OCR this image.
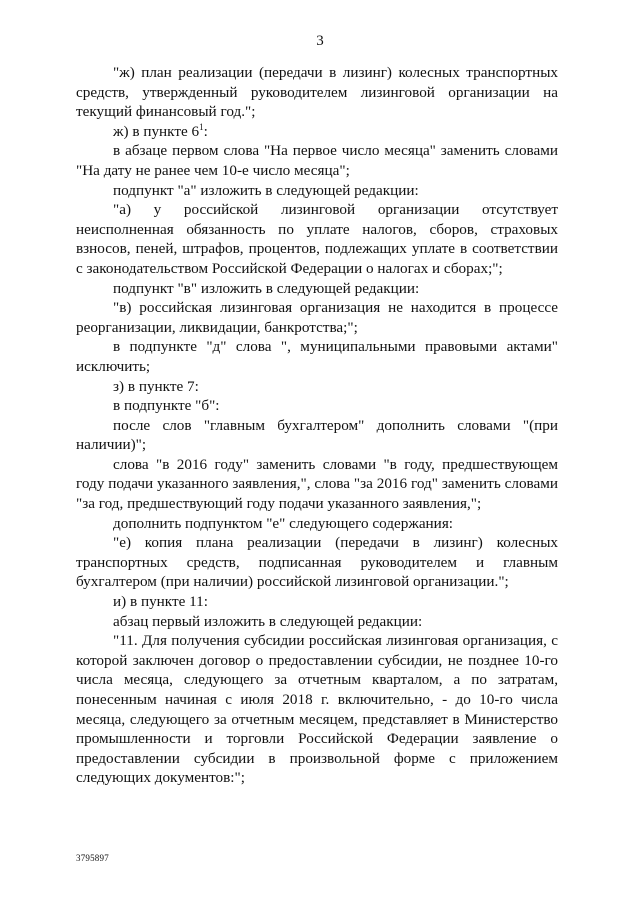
3

"ж) план реализации (передачи в лизинг) колесных транспортных средств, утвержденный руководителем лизинговой организации на текущий финансовый год.";

ж) в пункте $6^1$:

в абзаце первом слова "На первое число месяца" заменить словами "На дату не ранее чем 10-е число месяца";

подпункт "а" изложить в следующей редакции:

"а) у российской лизинговой организации отсутствует неисполненная обязанность по уплате налогов, сборов, страховых взносов, пеней, штрафов, процентов, подлежащих уплате в соответствии с законодательством Российской Федерации о налогах и сборах;";

подпункт "в" изложить в следующей редакции:

"в) российская лизинговая организация не находится в процессе реорганизации, ликвидации, банкротства;";

в подпункте "д" слова ", муниципальными правовыми актами" исключить;

з) в пункте 7:

в подпункте "б":

после слов "главным бухгалтером" дополнить словами "(при наличии)";

слова "в 2016 году" заменить словами "в году, предшествующем году подачи указанного заявления,", слова "за 2016 год" заменить словами "за год, предшествующий году подачи указанного заявления,";

дополнить подпунктом "е" следующего содержания:

"е) копия плана реализации (передачи в лизинг) колесных транспортных средств, подписанная руководителем и главным бухгалтером (при наличии) российской лизинговой организации.";

и) в пункте 11:

абзац первый изложить в следующей редакции:

"11. Для получения субсидии российская лизинговая организация, с которой заключен договор о предоставлении субсидии, не позднее 10-го числа месяца, следующего за отчетным кварталом, а по затратам, понесенным начиная с июля 2018 г. включительно, - до 10-го числа месяца, следующего за отчетным месяцем, представляет в Министерство промышленности и торговли Российской Федерации заявление о предоставлении субсидии в произвольной форме с приложением следующих документов:";

3795897
